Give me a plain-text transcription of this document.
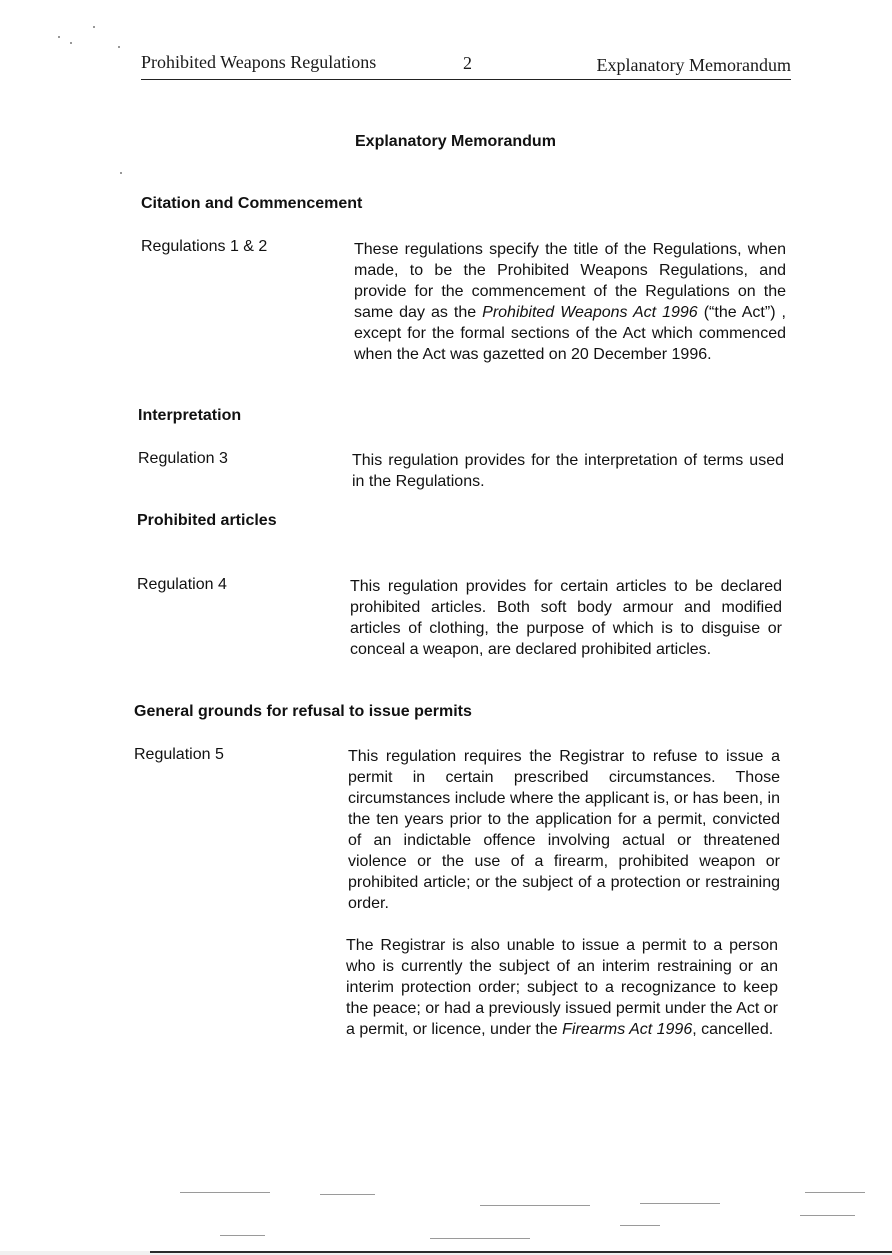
Prohibited Weapons Regulations	2	Explanatory Memorandum
Explanatory Memorandum
Citation and Commencement

Regulations 1 & 2	These regulations specify the title of the Regulations, when made, to be the Prohibited Weapons Regulations, and provide for the commencement of the Regulations on the same day as the Prohibited Weapons Act 1996 (“the Act”) , except for the formal sections of the Act which commenced when the Act was gazetted on 20 December 1996.

Interpretation

Regulation 3	This regulation provides for the interpretation of terms used in the Regulations.

Prohibited articles

Regulation 4	This regulation provides for certain articles to be declared prohibited articles. Both soft body armour and modified articles of clothing, the purpose of which is to disguise or conceal a weapon, are declared prohibited articles.

General grounds for refusal to issue permits

Regulation 5	This regulation requires the Registrar to refuse to issue a permit in certain prescribed circumstances. Those circumstances include where the applicant is, or has been, in the ten years prior to the application for a permit, convicted of an indictable offence involving actual or threatened violence or the use of a firearm, prohibited weapon or prohibited article; or the subject of a protection or restraining order.

The Registrar is also unable to issue a permit to a person who is currently the subject of an interim restraining or an interim protection order; subject to a recognizance to keep the peace; or had a previously issued permit under the Act or a permit, or licence, under the Firearms Act 1996, cancelled.
